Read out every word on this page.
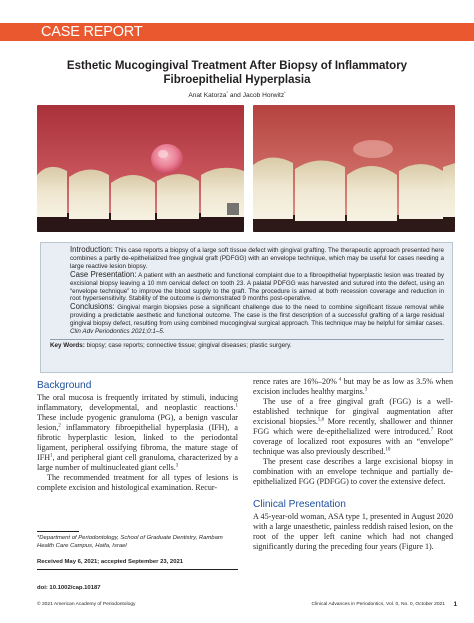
CASE REPORT
Esthetic Mucogingival Treatment After Biopsy of Inflammatory
Fibroepithelial Hyperplasia
Anat Katorza* and Jacob Horwitz*

Introduction: This case reports a biopsy of a large soft tissue defect with gingival grafting. The therapeutic approach presented here combines a partly de-epithelialized free gingival graft (PDFGG) with an envelope technique, which may be useful for cases needing a large reactive lesion biopsy.

Case Presentation: A patient with an aesthetic and functional complaint due to a fibroepithelial hyperplastic lesion was treated by excisional biopsy leaving a 10 mm cervical defect on tooth 23. A palatal PDFGG was harvested and sutured into the defect, using an “envelope technique” to improve the blood supply to the graft. The procedure is aimed at both recession coverage and reduction in root hypersensitivity. Stability of the outcome is demonstrated 9 months post-operative.

Conclusions: Gingival margin biopsies pose a significant challenge due to the need to combine significant tissue removal while providing a predictable aesthetic and functional outcome. The case is the first description of a successful grafting of a large residual gingival biopsy defect, resulting from using combined mucogingival surgical approach. This technique may be helpful for similar cases. Clin Adv Periodontics 2021;0:1–5.

Key Words: biopsy; case reports; connective tissue; gingival diseases; plastic surgery.

Background

The oral mucosa is frequently irritated by stimuli, inducing inflammatory, developmental, and neoplastic reactions.$^1$ These include pyogenic granuloma (PG), a benign vascular lesion,$^2$ inflammatory fibroepithelial hyperplasia (IFH), a fibrotic hyperplastic lesion, linked to the periodontal ligament, peripheral ossifying fibroma, the mature stage of IFH$^1$, and peripheral giant cell granuloma, characterized by a large number of multinucleated giant cells.$^3$

The recommended treatment for all types of lesions is complete excision and histological examination. Recur-

rence rates are 16%–20% $^4$ but may be as low as 3.5% when excision includes healthy margins.$^3$

The use of a free gingival graft (FGG) is a well-established technique for gingival augmentation after excisional biopsies.$^{5,6}$ More recently, shallower and thinner FGG which were de-epithelialized were introduced.$^7$ Root coverage of localized root exposures with an “envelope” technique was also previously described.$^{10}$

The present case describes a large excisional biopsy in combination with an envelope technique and partially de-epithelialized FGG (PDFGG) to cover the extensive defect.

Clinical Presentation

A 45-year-old woman, ASA type 1, presented in August 2020 with a large unaesthetic, painless reddish raised lesion, on the root of the upper left canine which had not changed significantly during the preceding four years (Figure 1).

*Department of Periodontology, School of Graduate Dentistry, Rambam Health Care Campus, Haifa, Israel
Received May 6, 2021; accepted September 23, 2021
doi: 10.1002/cap.10187
© 2021 American Academy of Periodontology	Clinical Advances in Periodontics, Vol. 0, No. 0, October 2021 1
